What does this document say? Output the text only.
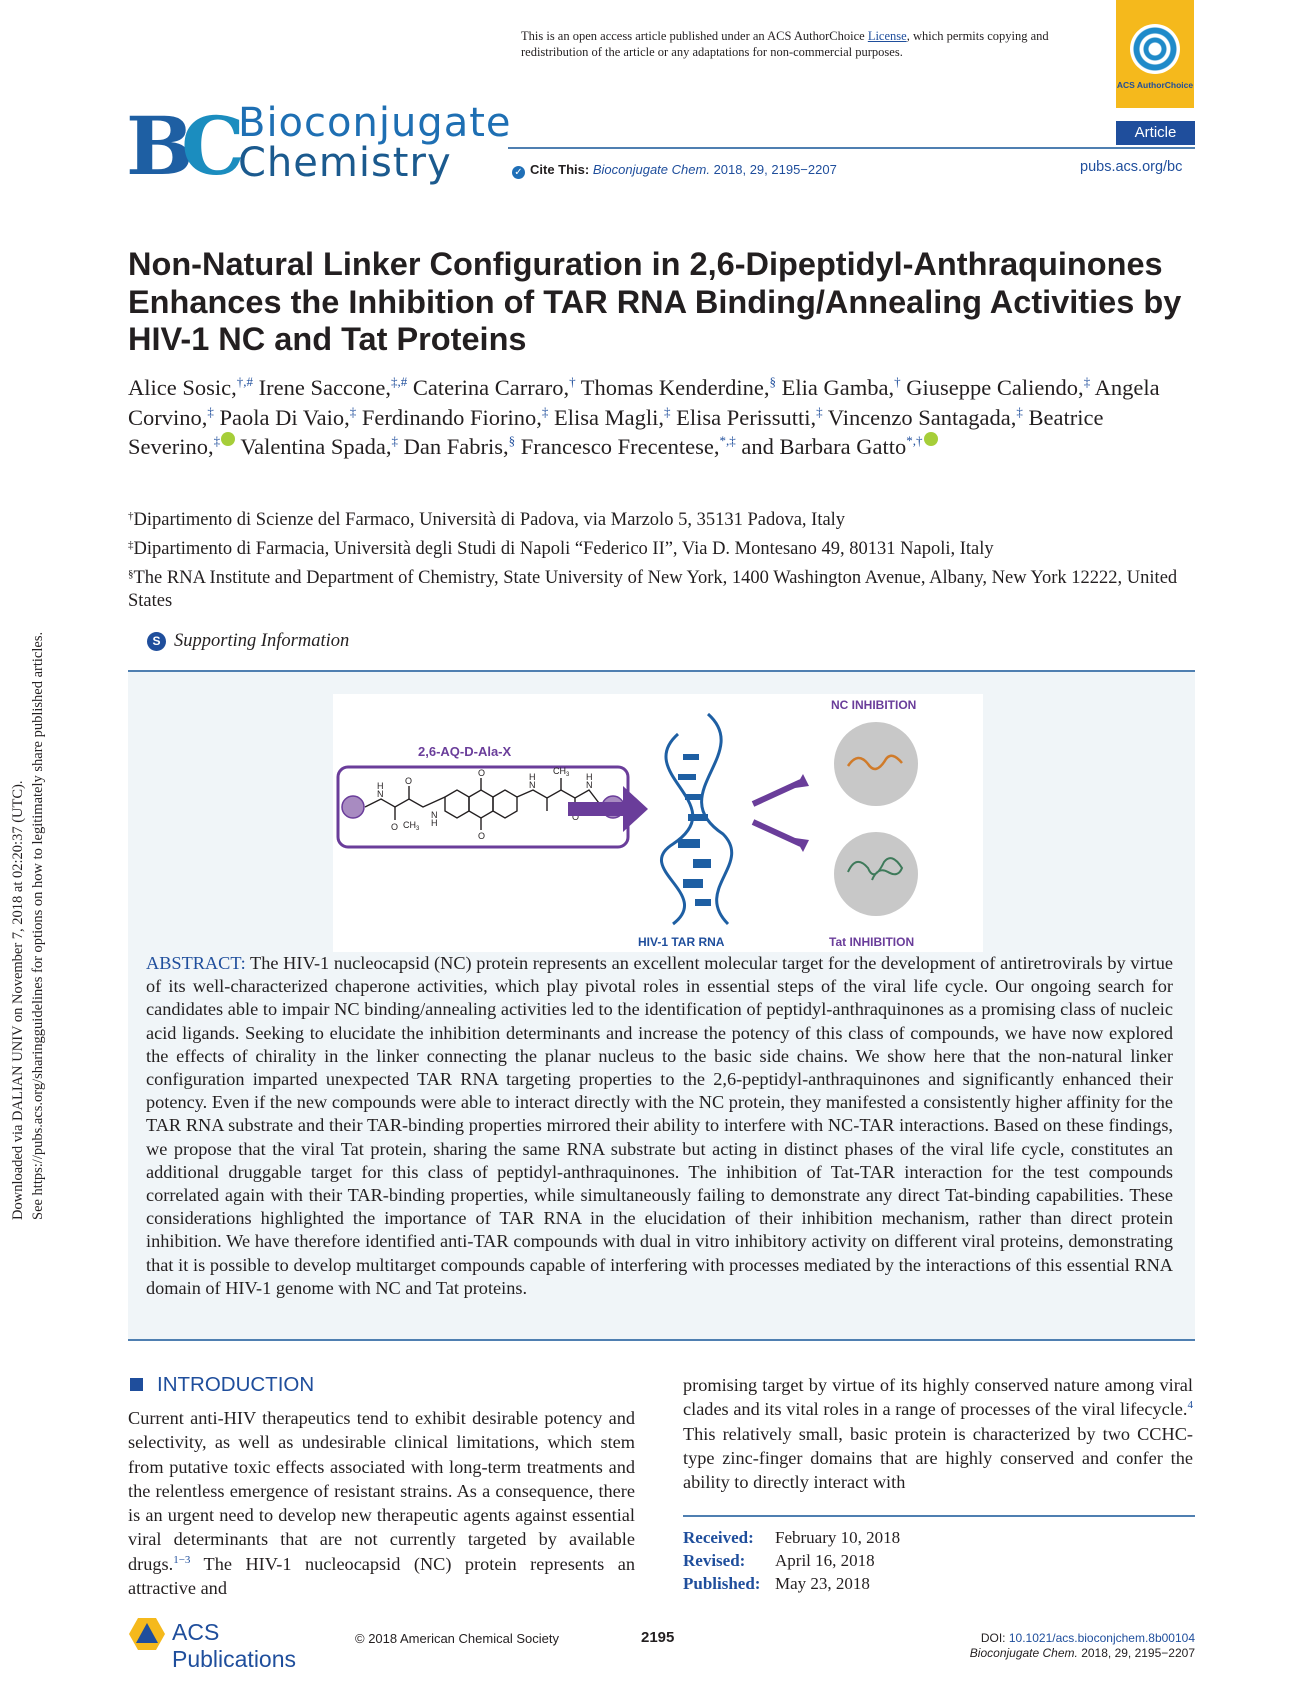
Downloaded via DALIAN UNIV on November 7, 2018 at 02:20:37 (UTC). See https://pubs.acs.org/sharingguidelines for options on how to legitimately share published articles.
This is an open access article published under an ACS AuthorChoice License, which permits copying and redistribution of the article or any adaptations for non-commercial purposes.
ACS AuthorChoice
BC Bioconjugate
Chemistry
Article
✓ Cite This: Bioconjugate Chem. 2018, 29, 2195−2207	pubs.acs.org/bc
Non-Natural Linker Configuration in 2,6-Dipeptidyl-Anthraquinones Enhances the Inhibition of TAR RNA Binding/Annealing Activities by HIV-1 NC and Tat Proteins
Alice Sosic,†,# Irene Saccone,‡,# Caterina Carraro,† Thomas Kenderdine,§ Elia Gamba,† Giuseppe Caliendo,‡ Angela Corvino,‡ Paola Di Vaio,‡ Ferdinando Fiorino,‡ Elisa Magli,‡ Elisa Perissutti,‡ Vincenzo Santagada,‡ Beatrice Severino,‡ Valentina Spada,‡ Dan Fabris,§ Francesco Frecentese,*,‡ and Barbara Gatto*,†

†Dipartimento di Scienze del Farmaco, Università di Padova, via Marzolo 5, 35131 Padova, Italy

‡Dipartimento di Farmacia, Università degli Studi di Napoli “Federico II”, Via D. Montesano 49, 80131 Napoli, Italy

§The RNA Institute and Department of Chemistry, State University of New York, 1400 Washington Avenue, Albany, New York 12222, United States

S Supporting Information
2,6-AQ-D-Ala-X
O
O
O
O
O
N
N
N	N
H
H
H	H
$CH_3$
$CH_3$
HIV-1 TAR RNA
NC INHIBITION
Tat INHIBITION

ABSTRACT: The HIV-1 nucleocapsid (NC) protein represents an excellent molecular target for the development of antiretrovirals by virtue of its well-characterized chaperone activities, which play pivotal roles in essential steps of the viral life cycle. Our ongoing search for candidates able to impair NC binding/annealing activities led to the identification of peptidyl-anthraquinones as a promising class of nucleic acid ligands. Seeking to elucidate the inhibition determinants and increase the potency of this class of compounds, we have now explored the effects of chirality in the linker connecting the planar nucleus to the basic side chains. We show here that the non-natural linker configuration imparted unexpected TAR RNA targeting properties to the 2,6-peptidyl-anthraquinones and significantly enhanced their potency. Even if the new compounds were able to interact directly with the NC protein, they manifested a consistently higher affinity for the TAR RNA substrate and their TAR-binding properties mirrored their ability to interfere with NC-TAR interactions. Based on these findings, we propose that the viral Tat protein, sharing the same RNA substrate but acting in distinct phases of the viral life cycle, constitutes an additional druggable target for this class of peptidyl-anthraquinones. The inhibition of Tat-TAR interaction for the test compounds correlated again with their TAR-binding properties, while simultaneously failing to demonstrate any direct Tat-binding capabilities. These considerations highlighted the importance of TAR RNA in the elucidation of their inhibition mechanism, rather than direct protein inhibition. We have therefore identified anti-TAR compounds with dual in vitro inhibitory activity on different viral proteins, demonstrating that it is possible to develop multitarget compounds capable of interfering with processes mediated by the interactions of this essential RNA domain of HIV-1 genome with NC and Tat proteins.

INTRODUCTION

Current anti-HIV therapeutics tend to exhibit desirable potency and selectivity, as well as undesirable clinical limitations, which stem from putative toxic effects associated with long-term treatments and the relentless emergence of resistant strains. As a consequence, there is an urgent need to develop new therapeutic agents against essential viral determinants that are not currently targeted by available drugs.$^{1-3}$ The HIV-1 nucleocapsid (NC) protein represents an attractive and

promising target by virtue of its highly conserved nature among viral clades and its vital roles in a range of processes of the viral lifecycle.$^4$ This relatively small, basic protein is characterized by two CCHC-type zinc-finger domains that are highly conserved and confer the ability to directly interact with

Received: February 10, 2018
Revised: April 16, 2018
Published: May 23, 2018
ACS Publications
© 2018 American Chemical Society	2195	DOI: 10.1021/acs.bioconjchem.8b00104
Bioconjugate Chem. 2018, 29, 2195−2207
